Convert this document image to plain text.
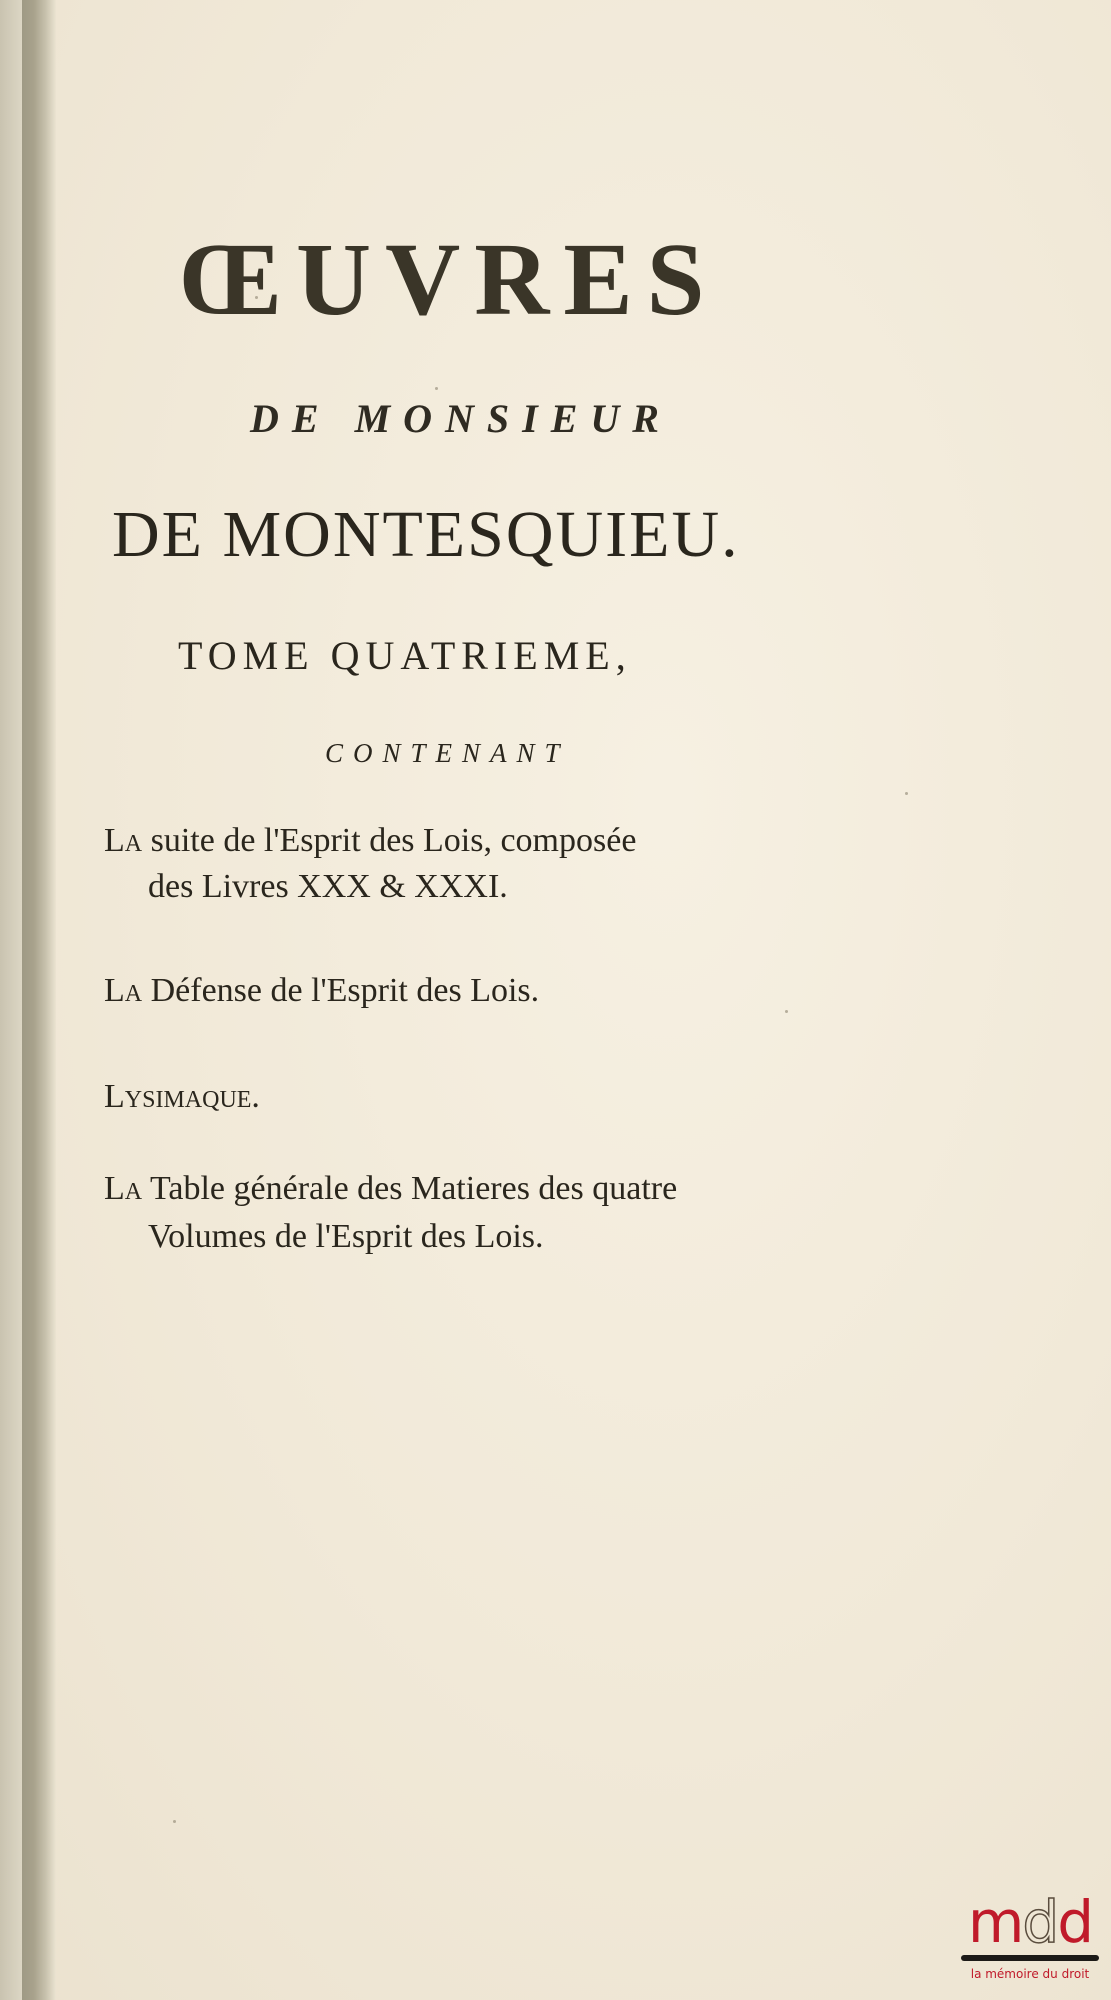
ŒUVRES
DE MONSIEUR
DE MONTESQUIEU.
TOME QUATRIEME,
CONTENANT
La suite de l'Esprit des Lois, composée
des Livres XXX & XXXI.
La Défense de l'Esprit des Lois.
Lysimaque.
La Table générale des Matieres des quatre
Volumes de l'Esprit des Lois.
mdd
la mémoire du droit
